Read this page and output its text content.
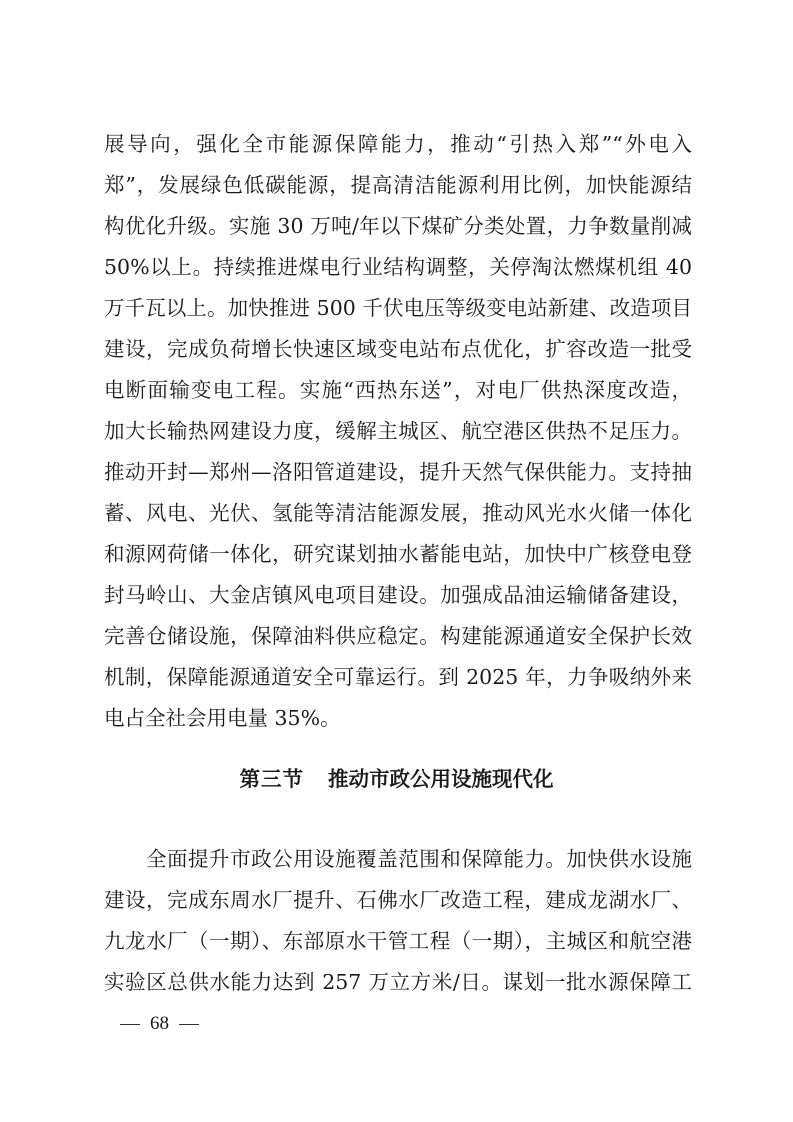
展导向，强化全市能源保障能力，推动“引热入郑”“外电入
郑”，发展绿色低碳能源，提高清洁能源利用比例，加快能源结
构优化升级。实施 30 万吨/年以下煤矿分类处置，力争数量削减
50%以上。持续推进煤电行业结构调整，关停淘汰燃煤机组 40
万千瓦以上。加快推进 500 千伏电压等级变电站新建、改造项目
建设，完成负荷增长快速区域变电站布点优化，扩容改造一批受
电断面输变电工程。实施“西热东送”，对电厂供热深度改造，
加大长输热网建设力度，缓解主城区、航空港区供热不足压力。
推动开封—郑州—洛阳管道建设，提升天然气保供能力。支持抽
蓄、风电、光伏、氢能等清洁能源发展，推动风光水火储一体化
和源网荷储一体化，研究谋划抽水蓄能电站，加快中广核登电登
封马岭山、大金店镇风电项目建设。加强成品油运输储备建设，
完善仓储设施，保障油料供应稳定。构建能源通道安全保护长效
机制，保障能源通道安全可靠运行。到 2025 年，力争吸纳外来
电占全社会用电量 35%。
第三节 推动市政公用设施现代化
全面提升市政公用设施覆盖范围和保障能力。加快供水设施
建设，完成东周水厂提升、石佛水厂改造工程，建成龙湖水厂、
九龙水厂（一期）、东部原水干管工程（一期），主城区和航空港
实验区总供水能力达到 257 万立方米/日。谋划一批水源保障工
68
